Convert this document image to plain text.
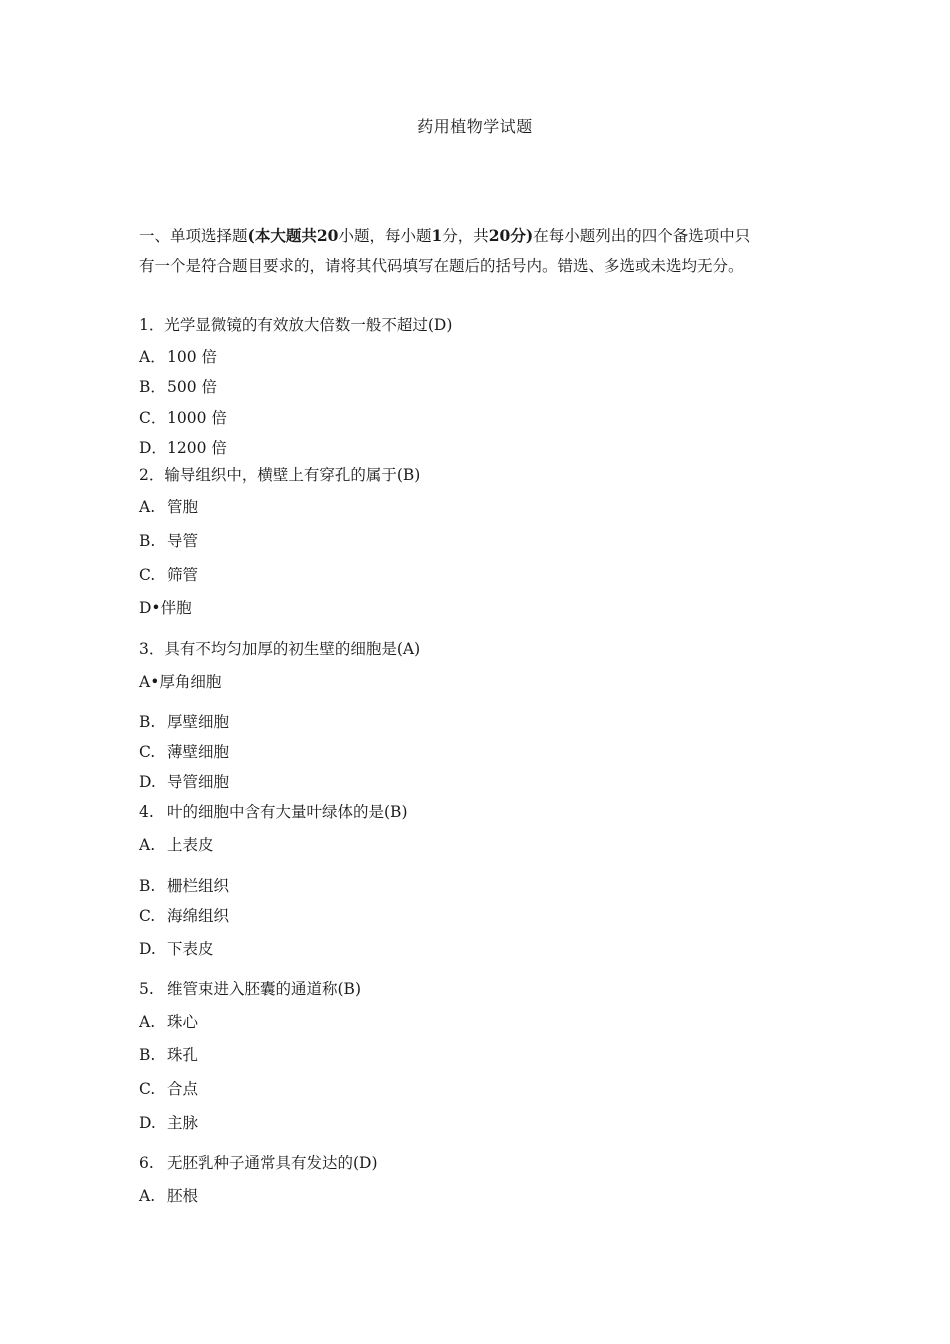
药用植物学试题
一、单项选择题(本大题共20小题，每小题1分，共20分)在每小题列出的四个备选项中只
有一个是符合题目要求的，请将其代码填写在题后的括号内。错选、多选或未选均无分。
1．光学显微镜的有效放大倍数一般不超过(D)
A．100 倍
B．500 倍
C．1000 倍
D．1200 倍
2．输导组织中，横壁上有穿孔的属于(B)
A. 管胞
B. 导管
C. 筛管
D•伴胞
3．具有不均匀加厚的初生壁的细胞是(A)
A•厚角细胞
B. 厚壁细胞
C. 薄壁细胞
D. 导管细胞
4. 叶的细胞中含有大量叶绿体的是(B)
A. 上表皮
B. 栅栏组织
C. 海绵组织
D. 下表皮
5. 维管束进入胚囊的通道称(B)
A. 珠心
B. 珠孔
C. 合点
D. 主脉
6. 无胚乳种子通常具有发达的(D)
A. 胚根
